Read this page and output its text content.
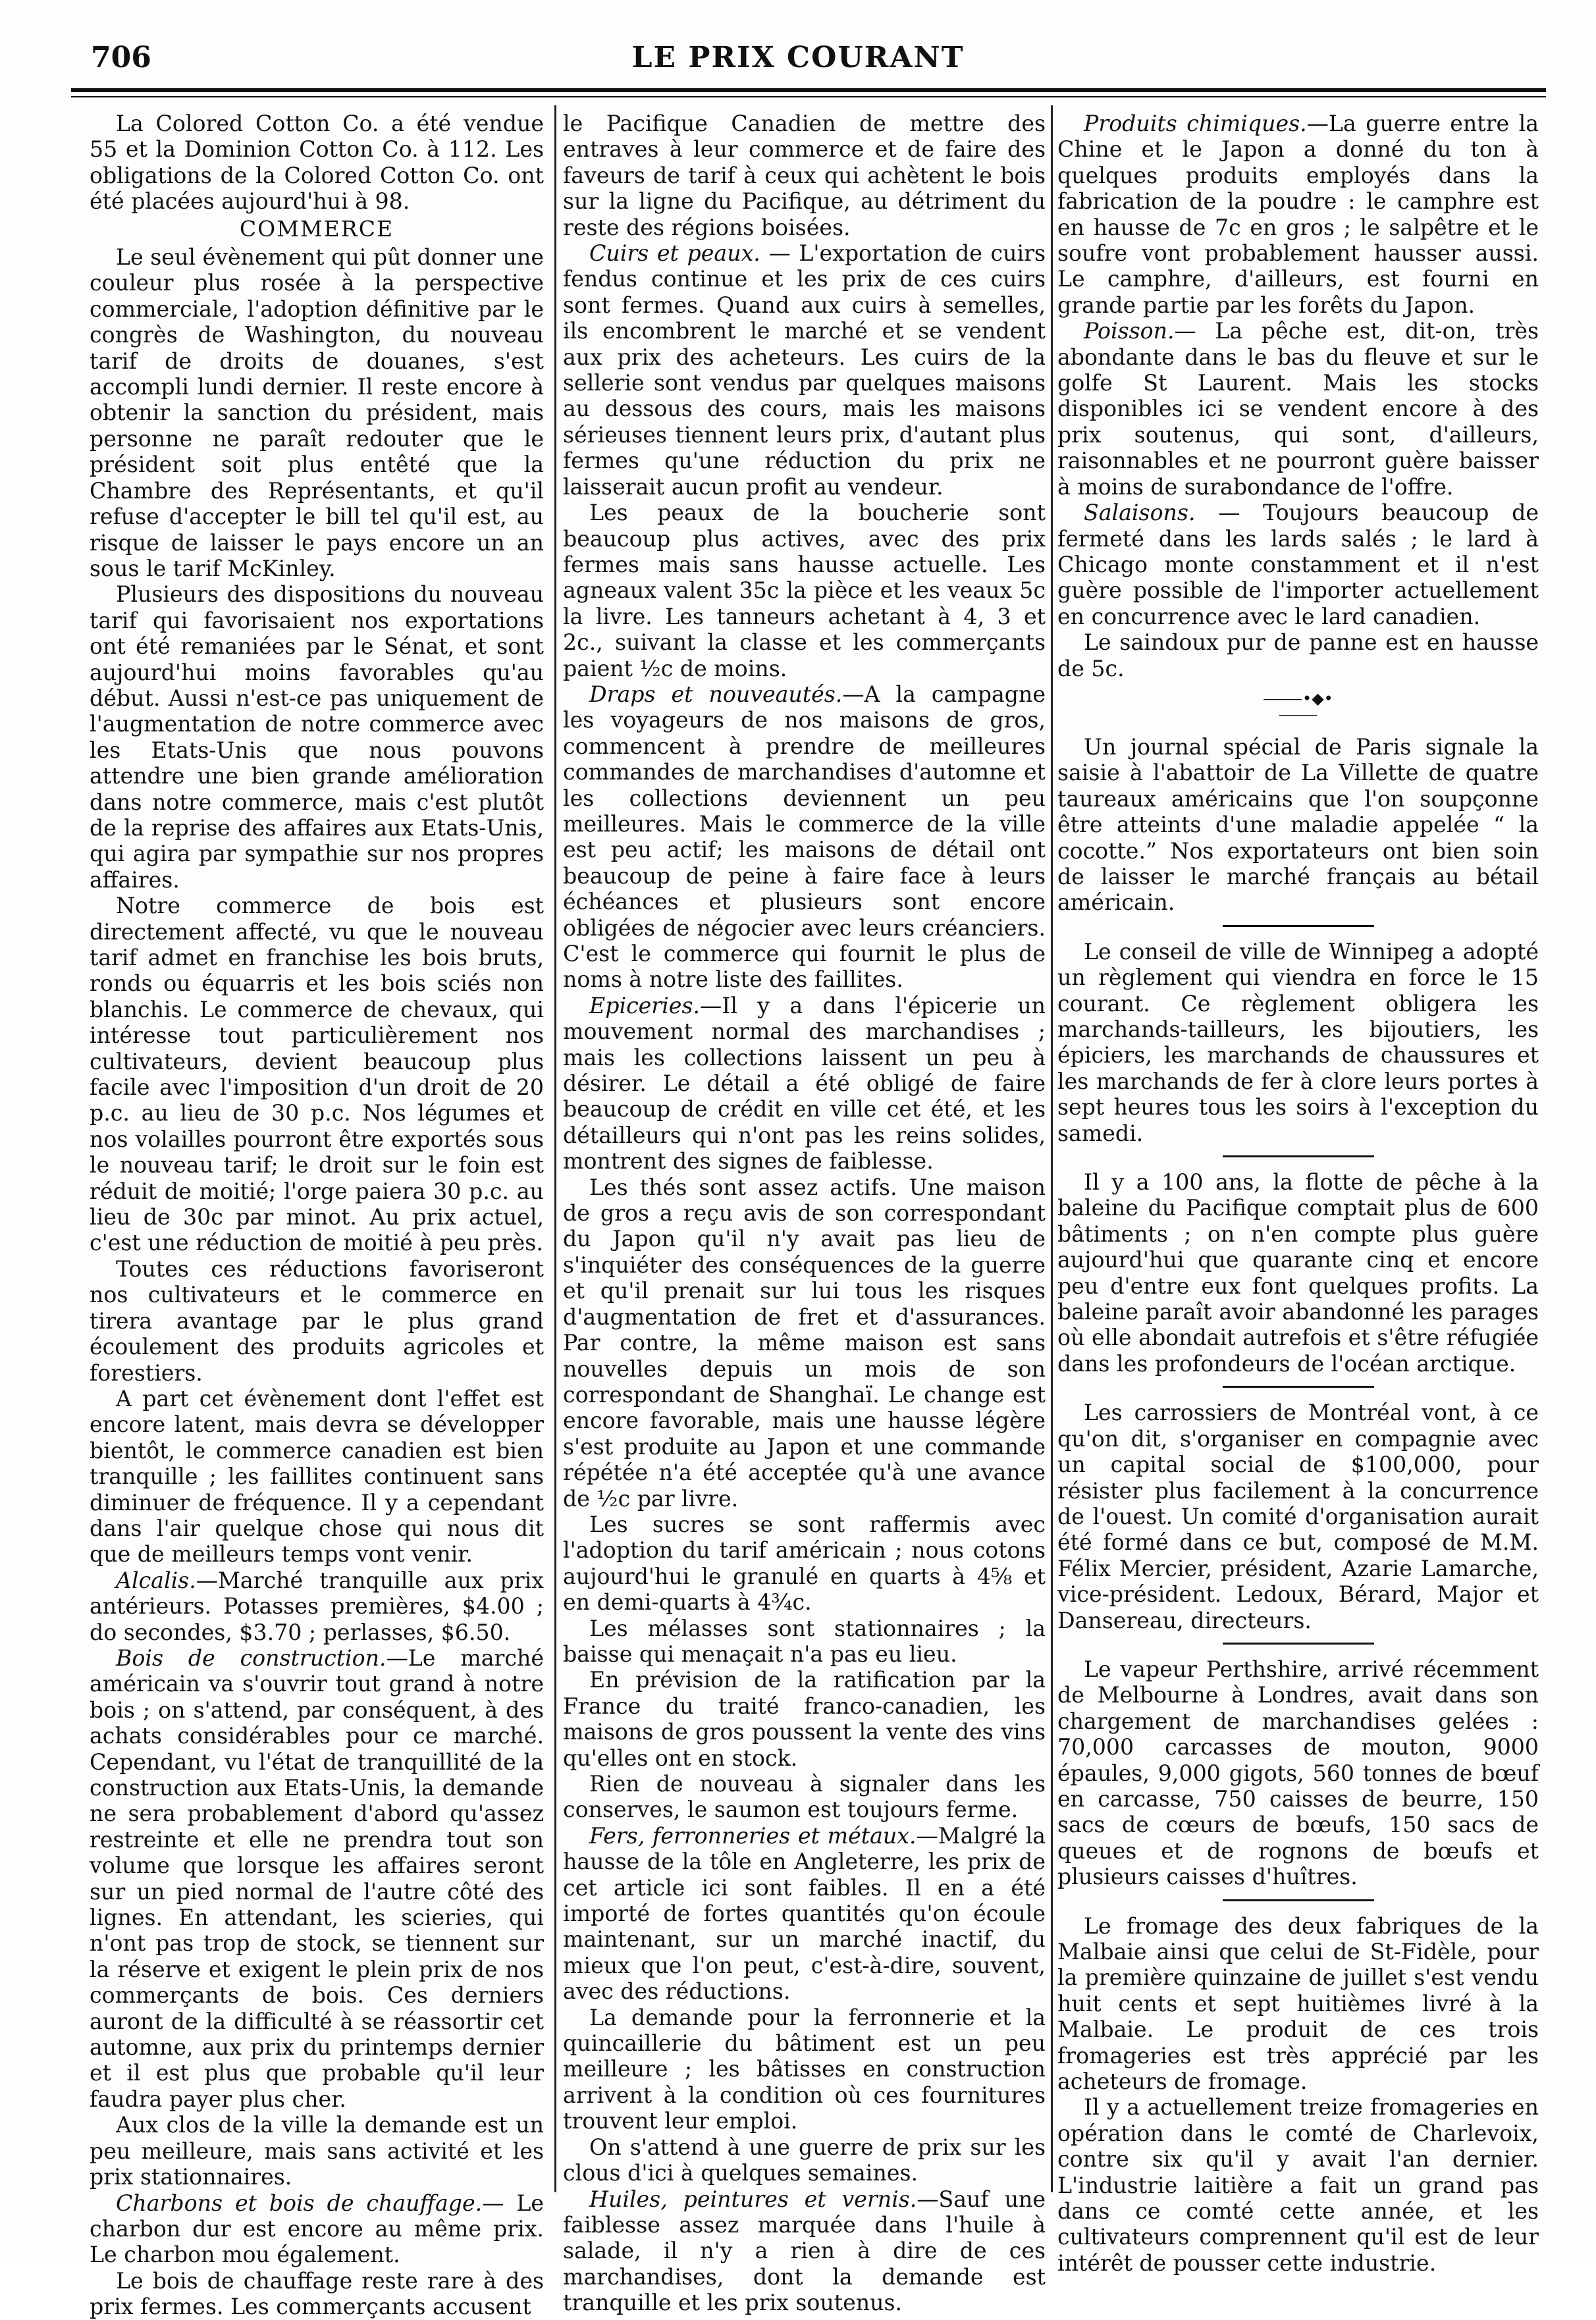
706	LE PRIX COURANT

La Colored Cotton Co. a été vendue 55 et la Dominion Cotton Co. à 112. Les obligations de la Colored Cotton Co. ont été placées aujourd'hui à 98.

COMMERCE

Le seul évènement qui pût donner une couleur plus rosée à la perspective commerciale, l'adoption définitive par le congrès de Washington, du nouveau tarif de droits de douanes, s'est accompli lundi dernier. Il reste encore à obtenir la sanction du président, mais personne ne paraît redouter que le président soit plus entêté que la Chambre des Représentants, et qu'il refuse d'accepter le bill tel qu'il est, au risque de laisser le pays encore un an sous le tarif McKinley.

Plusieurs des dispositions du nouveau tarif qui favorisaient nos exportations ont été remaniées par le Sénat, et sont aujourd'hui moins favorables qu'au début. Aussi n'est-ce pas uniquement de l'augmentation de notre commerce avec les Etats-Unis que nous pouvons attendre une bien grande amélioration dans notre commerce, mais c'est plutôt de la reprise des affaires aux Etats-Unis, qui agira par sympathie sur nos propres affaires.

Notre commerce de bois est directement affecté, vu que le nouveau tarif admet en franchise les bois bruts, ronds ou équarris et les bois sciés non blanchis. Le commerce de chevaux, qui intéresse tout particulièrement nos cultivateurs, devient beaucoup plus facile avec l'imposition d'un droit de 20 p.c. au lieu de 30 p.c. Nos légumes et nos volailles pourront être exportés sous le nouveau tarif; le droit sur le foin est réduit de moitié; l'orge paiera 30 p.c. au lieu de 30c par minot. Au prix actuel, c'est une réduction de moitié à peu près.

Toutes ces réductions favoriseront nos cultivateurs et le commerce en tirera avantage par le plus grand écoulement des produits agricoles et forestiers.

A part cet évènement dont l'effet est encore latent, mais devra se développer bientôt, le commerce canadien est bien tranquille ; les faillites continuent sans diminuer de fréquence. Il y a cependant dans l'air quelque chose qui nous dit que de meilleurs temps vont venir.

Alcalis.—Marché tranquille aux prix antérieurs. Potasses premières, $4.00 ; do secondes, $3.70 ; perlasses, $6.50.

Bois de construction.—Le marché américain va s'ouvrir tout grand à notre bois ; on s'attend, par conséquent, à des achats considérables pour ce marché. Cependant, vu l'état de tranquillité de la construction aux Etats-Unis, la demande ne sera probablement d'abord qu'assez restreinte et elle ne prendra tout son volume que lorsque les affaires seront sur un pied normal de l'autre côté des lignes. En attendant, les scieries, qui n'ont pas trop de stock, se tiennent sur la réserve et exigent le plein prix de nos commerçants de bois. Ces derniers auront de la difficulté à se réassortir cet automne, aux prix du printemps dernier et il est plus que probable qu'il leur faudra payer plus cher.

Aux clos de la ville la demande est un peu meilleure, mais sans activité et les prix stationnaires.

Charbons et bois de chauffage.— Le charbon dur est encore au même prix. Le charbon mou également.

Le bois de chauffage reste rare à des prix fermes. Les commerçants accusent

le Pacifique Canadien de mettre des entraves à leur commerce et de faire des faveurs de tarif à ceux qui achètent le bois sur la ligne du Pacifique, au détriment du reste des régions boisées.

Cuirs et peaux. — L'exportation de cuirs fendus continue et les prix de ces cuirs sont fermes. Quand aux cuirs à semelles, ils encombrent le marché et se vendent aux prix des acheteurs. Les cuirs de la sellerie sont vendus par quelques maisons au dessous des cours, mais les maisons sérieuses tiennent leurs prix, d'autant plus fermes qu'une réduction du prix ne laisserait aucun profit au vendeur.

Les peaux de la boucherie sont beaucoup plus actives, avec des prix fermes mais sans hausse actuelle. Les agneaux valent 35c la pièce et les veaux 5c la livre. Les tanneurs achetant à 4, 3 et 2c., suivant la classe et les commerçants paient ½c de moins.

Draps et nouveautés.—A la campagne les voyageurs de nos maisons de gros, commencent à prendre de meilleures commandes de marchandises d'automne et les collections deviennent un peu meilleures. Mais le commerce de la ville est peu actif; les maisons de détail ont beaucoup de peine à faire face à leurs échéances et plusieurs sont encore obligées de négocier avec leurs créanciers. C'est le commerce qui fournit le plus de noms à notre liste des faillites.

Epiceries.—Il y a dans l'épicerie un mouvement normal des marchandises ; mais les collections laissent un peu à désirer. Le détail a été obligé de faire beaucoup de crédit en ville cet été, et les détailleurs qui n'ont pas les reins solides, montrent des signes de faiblesse.

Les thés sont assez actifs. Une maison de gros a reçu avis de son correspondant du Japon qu'il n'y avait pas lieu de s'inquiéter des conséquences de la guerre et qu'il prenait sur lui tous les risques d'augmentation de fret et d'assurances. Par contre, la même maison est sans nouvelles depuis un mois de son correspondant de Shanghaï. Le change est encore favorable, mais une hausse légère s'est produite au Japon et une commande répétée n'a été acceptée qu'à une avance de ½c par livre.

Les sucres se sont raffermis avec l'adoption du tarif américain ; nous cotons aujourd'hui le granulé en quarts à 4⅝ et en demi-quarts à 4¾c.

Les mélasses sont stationnaires ; la baisse qui menaçait n'a pas eu lieu.

En prévision de la ratification par la France du traité franco-canadien, les maisons de gros poussent la vente des vins qu'elles ont en stock.

Rien de nouveau à signaler dans les conserves, le saumon est toujours ferme.

Fers, ferronneries et métaux.—Malgré la hausse de la tôle en Angleterre, les prix de cet article ici sont faibles. Il en a été importé de fortes quantités qu'on écoule maintenant, sur un marché inactif, du mieux que l'on peut, c'est-à-dire, souvent, avec des réductions.

La demande pour la ferronnerie et la quincaillerie du bâtiment est un peu meilleure ; les bâtisses en construction arrivent à la condition où ces fournitures trouvent leur emploi.

On s'attend à une guerre de prix sur les clous d'ici à quelques semaines.

Huiles, peintures et vernis.—Sauf une faiblesse assez marquée dans l'huile à salade, il n'y a rien à dire de ces marchandises, dont la demande est tranquille et les prix soutenus.

Produits chimiques.—La guerre entre la Chine et le Japon a donné du ton à quelques produits employés dans la fabrication de la poudre : le camphre est en hausse de 7c en gros ; le salpêtre et le soufre vont probablement hausser aussi. Le camphre, d'ailleurs, est fourni en grande partie par les forêts du Japon.

Poisson.— La pêche est, dit-on, très abondante dans le bas du fleuve et sur le golfe St Laurent. Mais les stocks disponibles ici se vendent encore à des prix soutenus, qui sont, d'ailleurs, raisonnables et ne pourront guère baisser à moins de surabondance de l'offre.

Salaisons. — Toujours beaucoup de fermeté dans les lards salés ; le lard à Chicago monte constamment et il n'est guère possible de l'importer actuellement en concurrence avec le lard canadien.

Le saindoux pur de panne est en hausse de 5c.

⸻•◆•⸻

Un journal spécial de Paris signale la saisie à l'abattoir de La Villette de quatre taureaux américains que l'on soupçonne être atteints d'une maladie appelée “ la cocotte.” Nos exportateurs ont bien soin de laisser le marché français au bétail américain.

Le conseil de ville de Winnipeg a adopté un règlement qui viendra en force le 15 courant. Ce règlement obligera les marchands-tailleurs, les bijoutiers, les épiciers, les marchands de chaussures et les marchands de fer à clore leurs portes à sept heures tous les soirs à l'exception du samedi.

Il y a 100 ans, la flotte de pêche à la baleine du Pacifique comptait plus de 600 bâtiments ; on n'en compte plus guère aujourd'hui que quarante cinq et encore peu d'entre eux font quelques profits. La baleine paraît avoir abandonné les parages où elle abondait autrefois et s'être réfugiée dans les profondeurs de l'océan arctique.

Les carrossiers de Montréal vont, à ce qu'on dit, s'organiser en compagnie avec un capital social de $100,000, pour résister plus facilement à la concurrence de l'ouest. Un comité d'organisation aurait été formé dans ce but, composé de M.M. Félix Mercier, président, Azarie Lamarche, vice-président. Ledoux, Bérard, Major et Dansereau, directeurs.

Le vapeur Perthshire, arrivé récemment de Melbourne à Londres, avait dans son chargement de marchandises gelées : 70,000 carcasses de mouton, 9000 épaules, 9,000 gigots, 560 tonnes de bœuf en carcasse, 750 caisses de beurre, 150 sacs de cœurs de bœufs, 150 sacs de queues et de rognons de bœufs et plusieurs caisses d'huîtres.

Le fromage des deux fabriques de la Malbaie ainsi que celui de St-Fidèle, pour la première quinzaine de juillet s'est vendu huit cents et sept huitièmes livré à la Malbaie. Le produit de ces trois fromageries est très apprécié par les acheteurs de fromage.

Il y a actuellement treize fromageries en opération dans le comté de Charlevoix, contre six qu'il y avait l'an dernier. L'industrie laitière a fait un grand pas dans ce comté cette année, et les cultivateurs comprennent qu'il est de leur intérêt de pousser cette industrie.
